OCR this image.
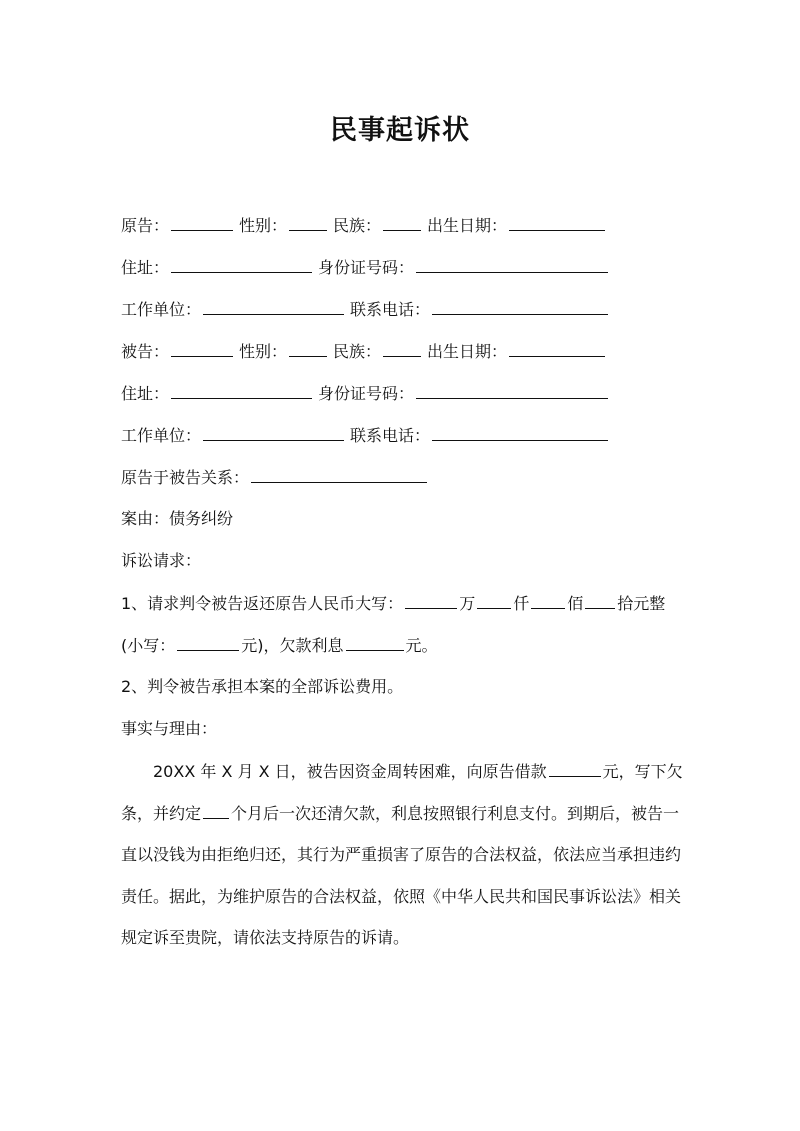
民事起诉状
原告：	性别：	民族：	出生日期：
住址：	身份证号码：
工作单位：	联系电话：
被告：	性别：	民族：	出生日期：
住址：	身份证号码：
工作单位：	联系电话：
原告于被告关系：
案由：债务纠纷
诉讼请求：
1、请求判令被告返还原告人民币大写：	万 仟 佰 拾元整
(小写：	元)，欠款利息	元。
2、判令被告承担本案的全部诉讼费用。
事实与理由：
20XX 年 X 月 X 日，被告因资金周转困难，向原告借款	元，写下欠
条，并约定 个月后一次还清欠款，利息按照银行利息支付。到期后，被告一
直以没钱为由拒绝归还，其行为严重损害了原告的合法权益，依法应当承担违约
责任。据此，为维护原告的合法权益，依照《中华人民共和国民事诉讼法》相关
规定诉至贵院，请依法支持原告的诉请。
